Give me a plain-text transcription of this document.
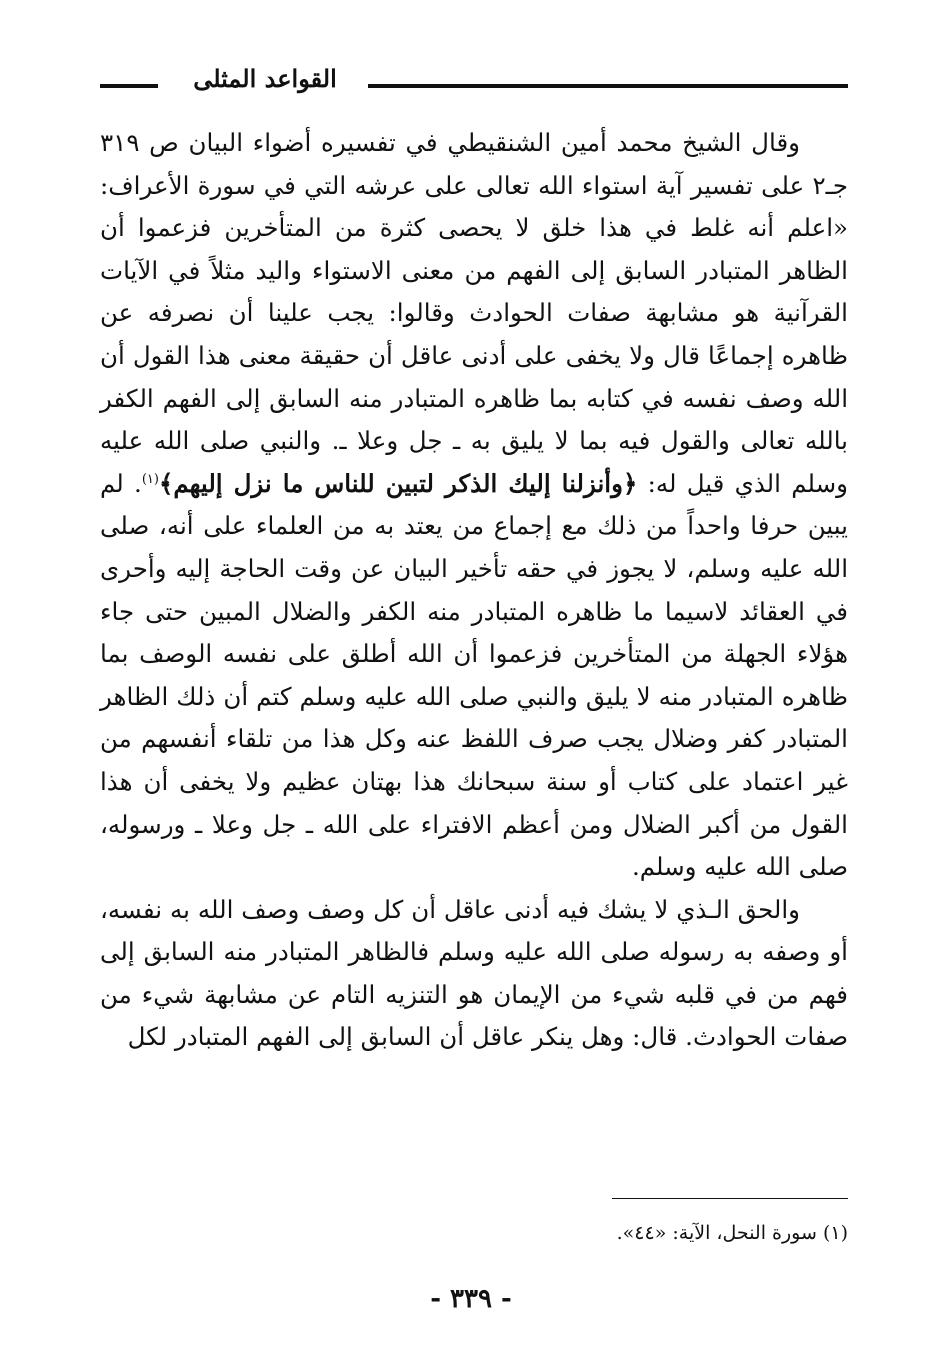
القواعد المثلى

وقال الشيخ محمد أمين الشنقيطي في تفسيره أضواء البيان ص ٣١٩ جـ٢ على تفسير آية استواء الله تعالى على عرشه التي في سورة الأعراف: «اعلم أنه غلط في هذا خلق لا يحصى كثرة من المتأخرين فزعموا أن الظاهر المتبادر السابق إلى الفهم من معنى الاستواء واليد مثلاً في الآيات القرآنية هو مشابهة صفات الحوادث وقالوا: يجب علينا أن نصرفه عن ظاهره إجماعًا قال ولا يخفى على أدنى عاقل أن حقيقة معنى هذا القول أن الله وصف نفسه في كتابه بما ظاهره المتبادر منه السابق إلى الفهم الكفر بالله تعالى والقول فيه بما لا يليق به ـ جل وعلا ـ. والنبي صلى الله عليه وسلم الذي قيل له: ﴿وأنزلنا إليك الذكر لتبين للناس ما نزل إليهم﴾$^{(١)}$. لم يبين حرفا واحداً من ذلك مع إجماع من يعتد به من العلماء على أنه، صلى الله عليه وسلم، لا يجوز في حقه تأخير البيان عن وقت الحاجة إليه وأحرى في العقائد لاسيما ما ظاهره المتبادر منه الكفر والضلال المبين حتى جاء هؤلاء الجهلة من المتأخرين فزعموا أن الله أطلق على نفسه الوصف بما ظاهره المتبادر منه لا يليق والنبي صلى الله عليه وسلم كتم أن ذلك الظاهر المتبادر كفر وضلال يجب صرف اللفظ عنه وكل هذا من تلقاء أنفسهم من غير اعتماد على كتاب أو سنة سبحانك هذا بهتان عظيم ولا يخفى أن هذا القول من أكبر الضلال ومن أعظم الافتراء على الله ـ جل وعلا ـ ورسوله، صلى الله عليه وسلم.

والحق الـذي لا يشك فيه أدنى عاقل أن كل وصف وصف الله به نفسه، أو وصفه به رسوله صلى الله عليه وسلم فالظاهر المتبادر منه السابق إلى فهم من في قلبه شيء من الإيمان هو التنزيه التام عن مشابهة شيء من صفات الحوادث. قال: وهل ينكر عاقل أن السابق إلى الفهم المتبادر لكل

(١) سورة النحل، الآية: «٤٤».
- ٣٣٩ -
